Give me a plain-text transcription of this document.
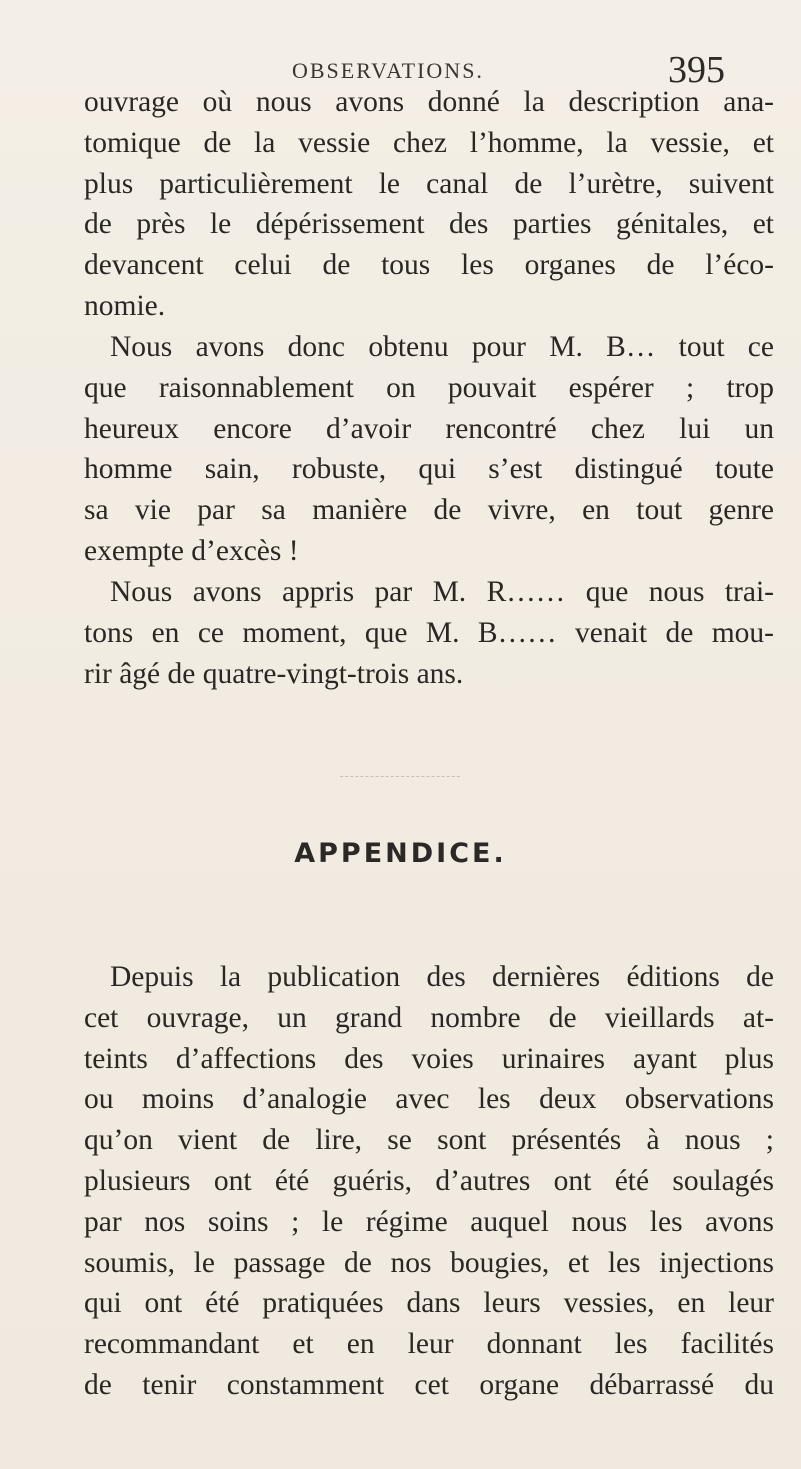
OBSERVATIONS.	395
ouvrage où nous avons donné la description ana-
tomique de la vessie chez l’homme, la vessie, et
plus particulièrement le canal de l’urètre, suivent
de près le dépérissement des parties génitales, et
devancent celui de tous les organes de l’éco-
nomie.
Nous avons donc obtenu pour M. B… tout ce
que raisonnablement on pouvait espérer ; trop
heureux encore d’avoir rencontré chez lui un
homme sain, robuste, qui s’est distingué toute
sa vie par sa manière de vivre, en tout genre
exempte d’excès !
Nous avons appris par M. R…… que nous trai-
tons en ce moment, que M. B…… venait de mou-
rir âgé de quatre-vingt-trois ans.
APPENDICE.
Depuis la publication des dernières éditions de
cet ouvrage, un grand nombre de vieillards at-
teints d’affections des voies urinaires ayant plus
ou moins d’analogie avec les deux observations
qu’on vient de lire, se sont présentés à nous ;
plusieurs ont été guéris, d’autres ont été soulagés
par nos soins ; le régime auquel nous les avons
soumis, le passage de nos bougies, et les injections
qui ont été pratiquées dans leurs vessies, en leur
recommandant et en leur donnant les facilités
de tenir constamment cet organe débarrassé du
